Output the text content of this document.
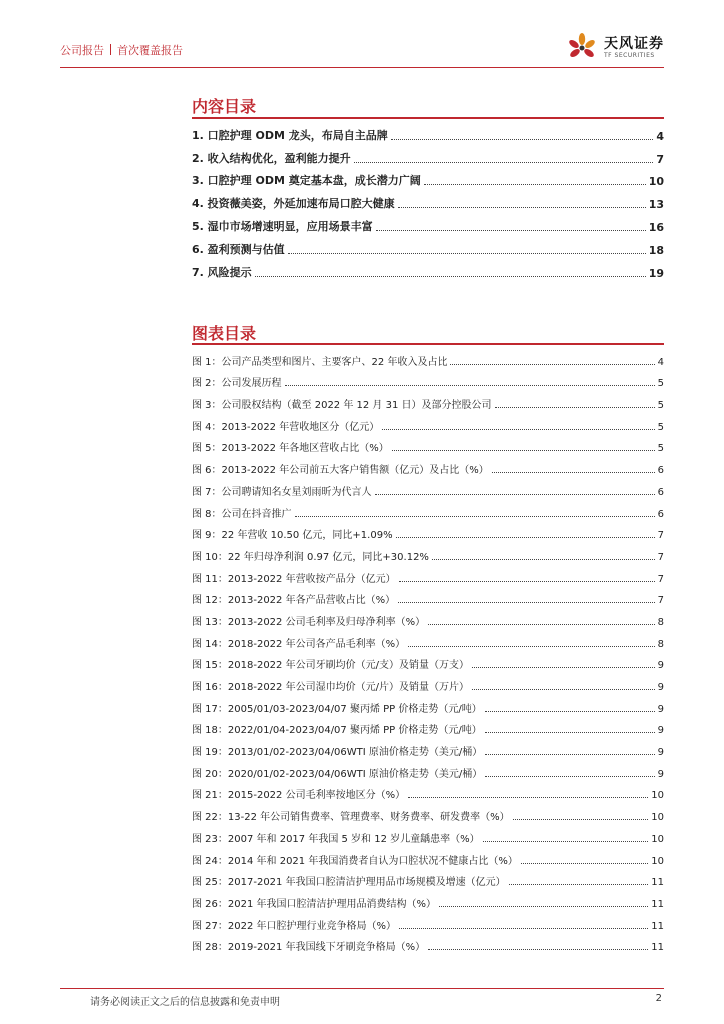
公司报告 首次覆盖报告	天风证券
TF SECURITIES
内容目录
1. 口腔护理 ODM 龙头，布局自主品牌	4
2. 收入结构优化，盈利能力提升	7
3. 口腔护理 ODM 奠定基本盘，成长潜力广阔	10
4. 投资薇美姿，外延加速布局口腔大健康	13
5. 湿巾市场增速明显，应用场景丰富	16
6. 盈利预测与估值	18
7. 风险提示	19
图表目录
图 1：公司产品类型和图片、主要客户、22 年收入及占比	4
图 2：公司发展历程	5
图 3：公司股权结构（截至 2022 年 12 月 31 日）及部分控股公司	5
图 4：2013-2022 年营收地区分（亿元）	5
图 5：2013-2022 年各地区营收占比（%）	5
图 6：2013-2022 年公司前五大客户销售额（亿元）及占比（%）	6
图 7：公司聘请知名女星刘雨昕为代言人	6
图 8：公司在抖音推广	6
图 9：22 年营收 10.50 亿元，同比+1.09%	7
图 10：22 年归母净利润 0.97 亿元，同比+30.12%	7
图 11：2013-2022 年营收按产品分（亿元）	7
图 12：2013-2022 年各产品营收占比（%）	7
图 13：2013-2022 公司毛利率及归母净利率（%）	8
图 14：2018-2022 年公司各产品毛利率（%）	8
图 15：2018-2022 年公司牙刷均价（元/支）及销量（万支）	9
图 16：2018-2022 年公司湿巾均价（元/片）及销量（万片）	9
图 17：2005/01/03-2023/04/07 聚丙烯 PP 价格走势（元/吨）	9
图 18：2022/01/04-2023/04/07 聚丙烯 PP 价格走势（元/吨）	9
图 19：2013/01/02-2023/04/06WTI 原油价格走势（美元/桶）	9
图 20：2020/01/02-2023/04/06WTI 原油价格走势（美元/桶）	9
图 21：2015-2022 公司毛利率按地区分（%）	10
图 22：13-22 年公司销售费率、管理费率、财务费率、研发费率（%）	10
图 23：2007 年和 2017 年我国 5 岁和 12 岁儿童龋患率（%）	10
图 24：2014 年和 2021 年我国消费者自认为口腔状况不健康占比（%）	10
图 25：2017-2021 年我国口腔清洁护理用品市场规模及增速（亿元）	11
图 26：2021 年我国口腔清洁护理用品消费结构（%）	11
图 27：2022 年口腔护理行业竞争格局（%）	11
图 28：2019-2021 年我国线下牙刷竞争格局（%）	11
请务必阅读正文之后的信息披露和免责申明	2
